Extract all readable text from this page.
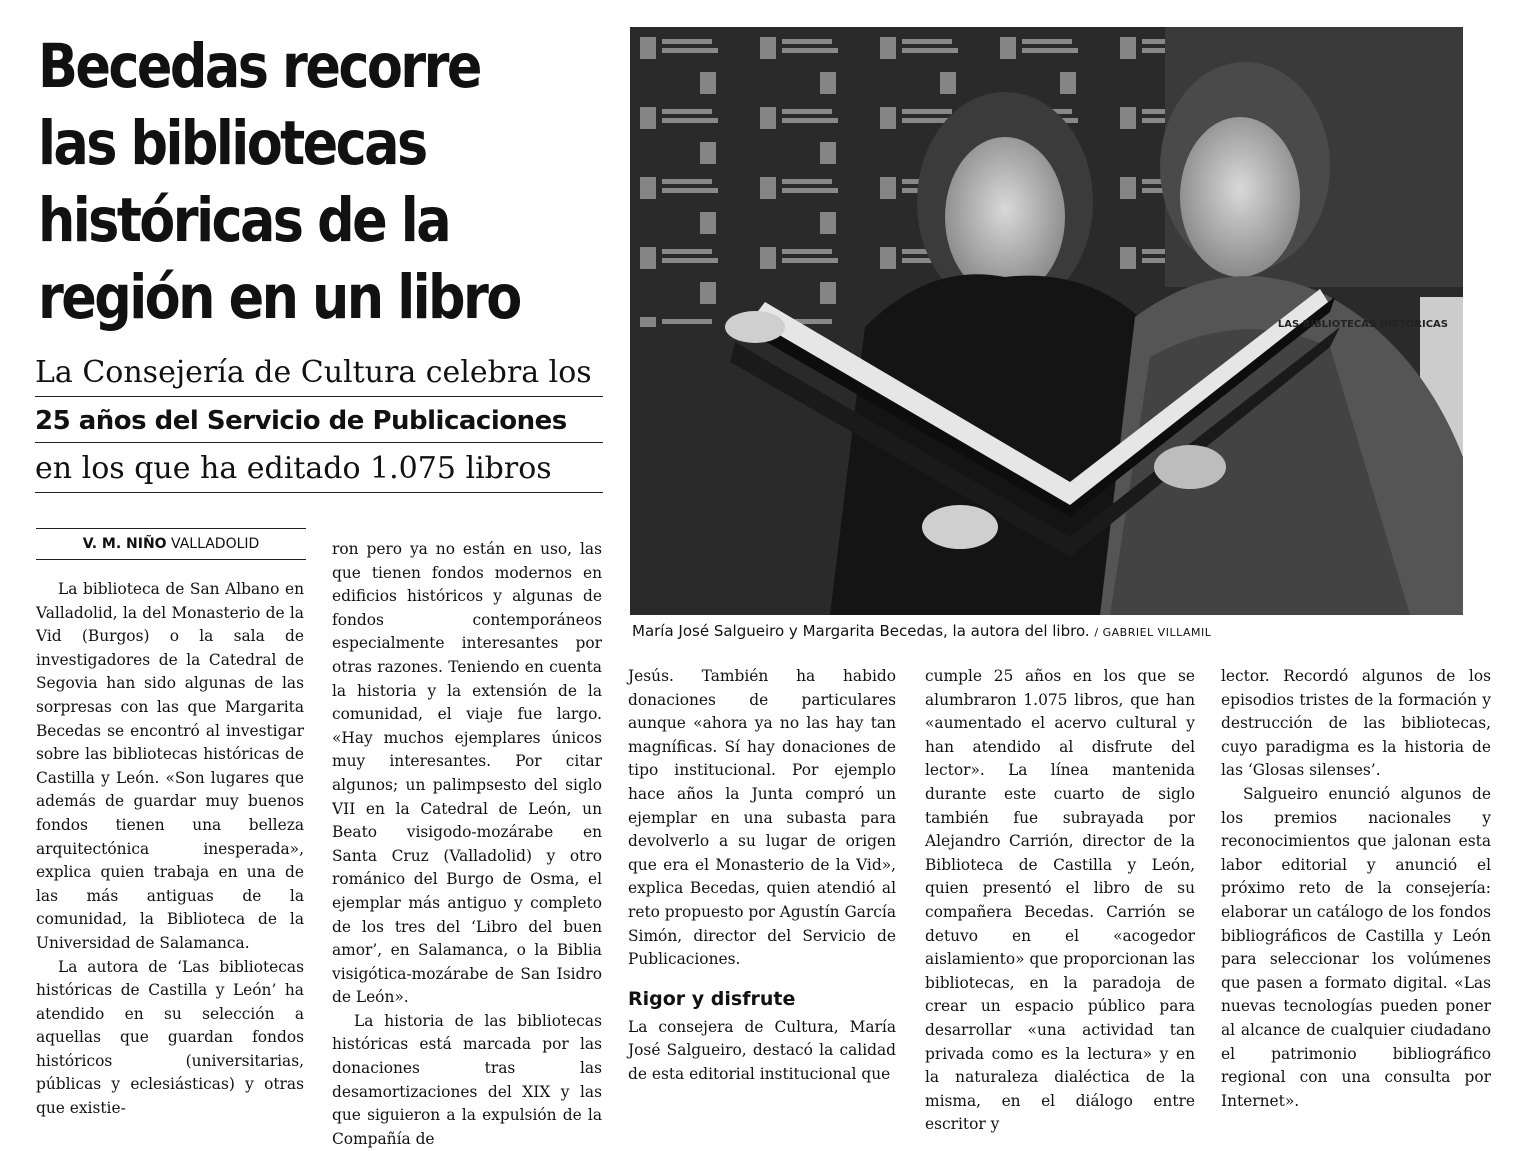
Becedas recorre las bibliotecas históricas de la región en un libro
La Consejería de Cultura celebra los
25 años del Servicio de Publicaciones
en los que ha editado 1.075 libros
V. M. NIÑO VALLADOLID
LAS BIBLIOTECAS HISTÓRICAS
María José Salgueiro y Margarita Becedas, la autora del libro. / GABRIEL VILLAMIL

La biblioteca de San Albano en Valladolid, la del Monasterio de la Vid (Burgos) o la sala de investigadores de la Catedral de Segovia han sido algunas de las sorpresas con las que Margarita Becedas se encontró al investigar sobre las bibliotecas históricas de Castilla y León. «Son lugares que además de guardar muy buenos fondos tienen una belleza arquitectónica inesperada», explica quien trabaja en una de las más antiguas de la comunidad, la Biblioteca de la Universidad de Salamanca.

La autora de ‘Las bibliotecas históricas de Castilla y León’ ha atendido en su selección a aquellas que guardan fondos históricos (universitarias, públicas y eclesiásticas) y otras que existie-

ron pero ya no están en uso, las que tienen fondos modernos en edificios históricos y algunas de fondos contemporáneos especialmente interesantes por otras razones. Teniendo en cuenta la historia y la extensión de la comunidad, el viaje fue largo. «Hay muchos ejemplares únicos muy interesantes. Por citar algunos; un palimpsesto del siglo VII en la Catedral de León, un Beato visigodo-mozárabe en Santa Cruz (Valladolid) y otro románico del Burgo de Osma, el ejemplar más antiguo y completo de los tres del ‘Libro del buen amor’, en Salamanca, o la Biblia visigótica-mozárabe de San Isidro de León».

La historia de las bibliotecas históricas está marcada por las donaciones tras las desamortizaciones del XIX y las que siguieron a la expulsión de la Compañía de

Jesús. También ha habido donaciones de particulares aunque «ahora ya no las hay tan magníficas. Sí hay donaciones de tipo institucional. Por ejemplo hace años la Junta compró un ejemplar en una subasta para devolverlo a su lugar de origen que era el Monasterio de la Vid», explica Becedas, quien atendió al reto propuesto por Agustín García Simón, director del Servicio de Publicaciones.

Rigor y disfrute

La consejera de Cultura, María José Salgueiro, destacó la calidad de esta editorial institucional que

cumple 25 años en los que se alumbraron 1.075 libros, que han «aumentado el acervo cultural y han atendido al disfrute del lector». La línea mantenida durante este cuarto de siglo también fue subrayada por Alejandro Carrión, director de la Biblioteca de Castilla y León, quien presentó el libro de su compañera Becedas. Carrión se detuvo en el «acogedor aislamiento» que proporcionan las bibliotecas, en la paradoja de crear un espacio público para desarrollar «una actividad tan privada como es la lectura» y en la naturaleza dialéctica de la misma, en el diálogo entre escritor y

lector. Recordó algunos de los episodios tristes de la formación y destrucción de las bibliotecas, cuyo paradigma es la historia de las ‘Glosas silenses’.

Salgueiro enunció algunos de los premios nacionales y reconocimientos que jalonan esta labor editorial y anunció el próximo reto de la consejería: elaborar un catálogo de los fondos bibliográficos de Castilla y León para seleccionar los volúmenes que pasen a formato digital. «Las nuevas tecnologías pueden poner al alcance de cualquier ciudadano el patrimonio bibliográfico regional con una consulta por Internet».
